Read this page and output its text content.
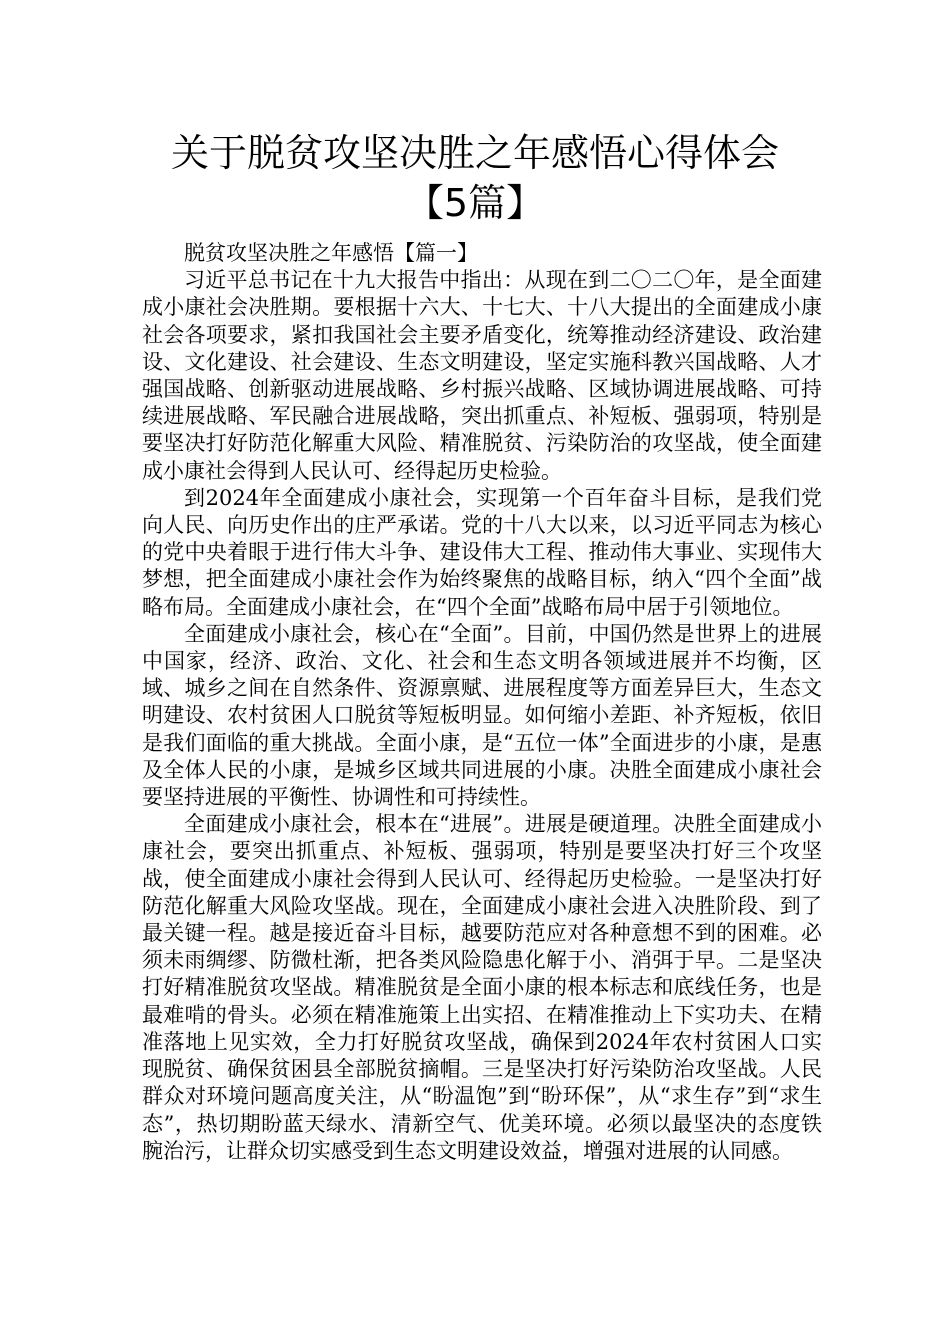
关于脱贫攻坚决胜之年感悟心得体会
【5篇】

脱贫攻坚决胜之年感悟【篇一】

习近平总书记在十九大报告中指出：从现在到二〇二〇年，是全面建成小康社会决胜期。要根据十六大、十七大、十八大提出的全面建成小康社会各项要求，紧扣我国社会主要矛盾变化，统筹推动经济建设、政治建设、文化建设、社会建设、生态文明建设，坚定实施科教兴国战略、人才强国战略、创新驱动进展战略、乡村振兴战略、区域协调进展战略、可持续进展战略、军民融合进展战略，突出抓重点、补短板、强弱项，特别是要坚决打好防范化解重大风险、精准脱贫、污染防治的攻坚战，使全面建成小康社会得到人民认可、经得起历史检验。

到2024年全面建成小康社会，实现第一个百年奋斗目标，是我们党向人民、向历史作出的庄严承诺。党的十八大以来，以习近平同志为核心的党中央着眼于进行伟大斗争、建设伟大工程、推动伟大事业、实现伟大梦想，把全面建成小康社会作为始终聚焦的战略目标，纳入“四个全面”战略布局。全面建成小康社会，在“四个全面”战略布局中居于引领地位。

全面建成小康社会，核心在“全面”。目前，中国仍然是世界上的进展中国家，经济、政治、文化、社会和生态文明各领域进展并不均衡，区域、城乡之间在自然条件、资源禀赋、进展程度等方面差异巨大，生态文明建设、农村贫困人口脱贫等短板明显。如何缩小差距、补齐短板，依旧是我们面临的重大挑战。全面小康，是“五位一体”全面进步的小康，是惠及全体人民的小康，是城乡区域共同进展的小康。决胜全面建成小康社会要坚持进展的平衡性、协调性和可持续性。

全面建成小康社会，根本在“进展”。进展是硬道理。决胜全面建成小康社会，要突出抓重点、补短板、强弱项，特别是要坚决打好三个攻坚战，使全面建成小康社会得到人民认可、经得起历史检验。一是坚决打好防范化解重大风险攻坚战。现在，全面建成小康社会进入决胜阶段、到了最关键一程。越是接近奋斗目标，越要防范应对各种意想不到的困难。必须未雨绸缪、防微杜渐，把各类风险隐患化解于小、消弭于早。二是坚决打好精准脱贫攻坚战。精准脱贫是全面小康的根本标志和底线任务，也是最难啃的骨头。必须在精准施策上出实招、在精准推动上下实功夫、在精准落地上见实效，全力打好脱贫攻坚战，确保到2024年农村贫困人口实现脱贫、确保贫困县全部脱贫摘帽。三是坚决打好污染防治攻坚战。人民群众对环境问题高度关注，从“盼温饱”到“盼环保”，从“求生存”到“求生态”，热切期盼蓝天绿水、清新空气、优美环境。必须以最坚决的态度铁腕治污，让群众切实感受到生态文明建设效益，增强对进展的认同感。
